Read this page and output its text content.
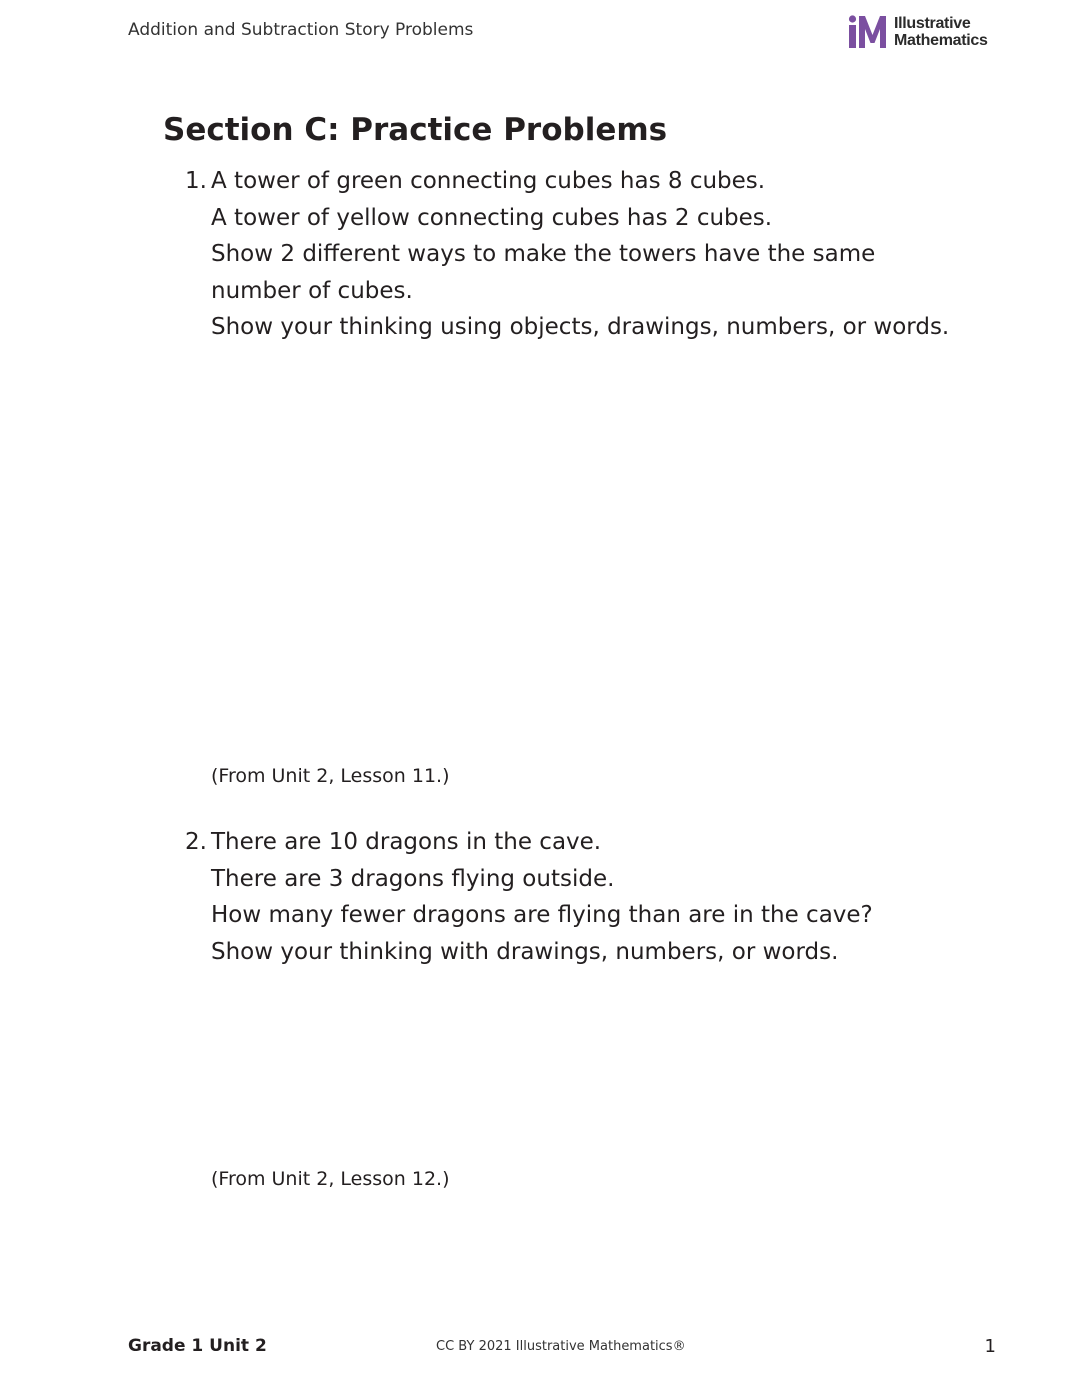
Addition and Subtraction Story Problems	Illustrative
Mathematics
Section C: Practice Problems
1. A tower of green connecting cubes has 8 cubes.
A tower of yellow connecting cubes has 2 cubes.
Show 2 different ways to make the towers have the same
number of cubes.
Show your thinking using objects, drawings, numbers, or words.
(From Unit 2, Lesson 11.)
2. There are 10 dragons in the cave.
There are 3 dragons flying outside.
How many fewer dragons are flying than are in the cave?
Show your thinking with drawings, numbers, or words.
(From Unit 2, Lesson 12.)
Grade 1 Unit 2	CC BY 2021 Illustrative Mathematics®	1
